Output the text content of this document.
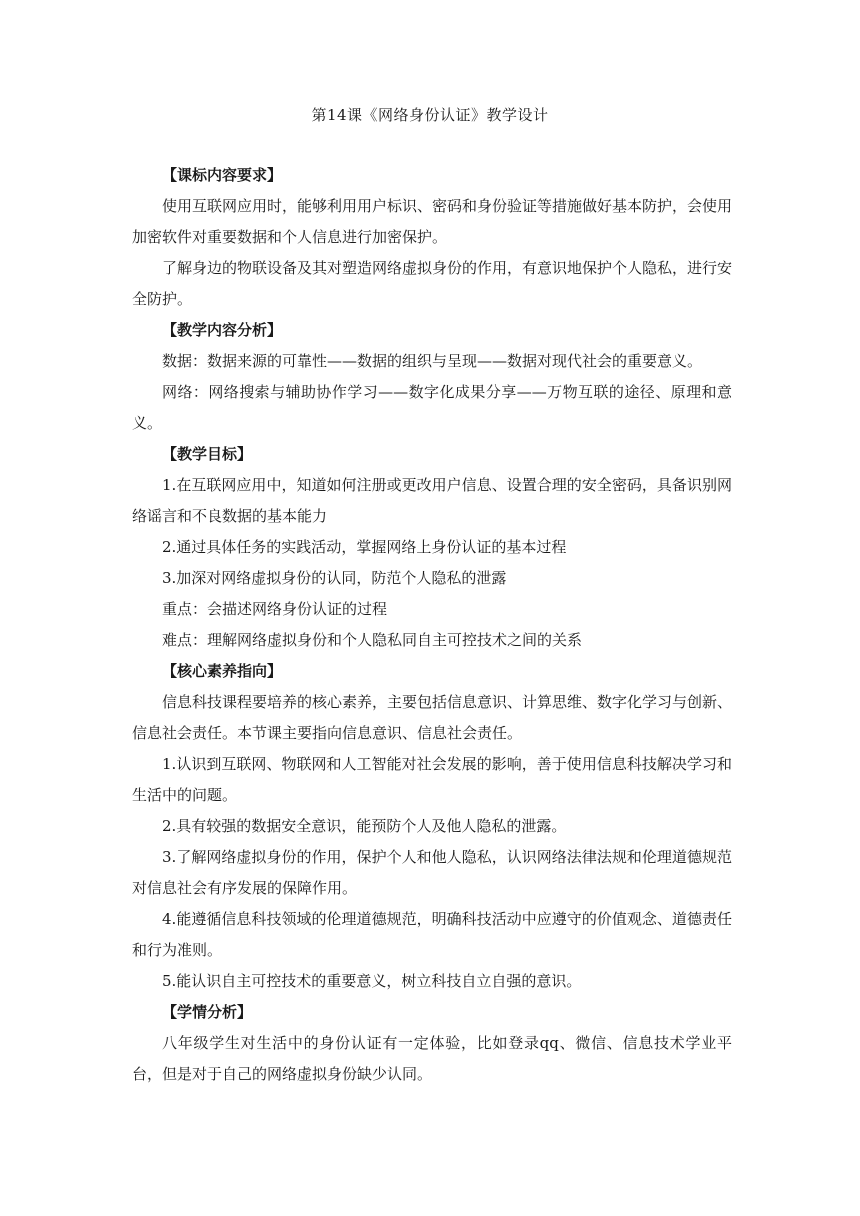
第14课《网络身份认证》教学设计

【课标内容要求】

使用互联网应用时，能够利用用户标识、密码和身份验证等措施做好基本防护，会使用加密软件对重要数据和个人信息进行加密保护。

了解身边的物联设备及其对塑造网络虚拟身份的作用，有意识地保护个人隐私，进行安全防护。

【教学内容分析】

数据：数据来源的可靠性——数据的组织与呈现——数据对现代社会的重要意义。

网络：网络搜索与辅助协作学习——数字化成果分享——万物互联的途径、原理和意义。

【教学目标】

1.在互联网应用中，知道如何注册或更改用户信息、设置合理的安全密码，具备识别网络谣言和不良数据的基本能力

2.通过具体任务的实践活动，掌握网络上身份认证的基本过程

3.加深对网络虚拟身份的认同，防范个人隐私的泄露

重点：会描述网络身份认证的过程

难点：理解网络虚拟身份和个人隐私同自主可控技术之间的关系

【核心素养指向】

信息科技课程要培养的核心素养，主要包括信息意识、计算思维、数字化学习与创新、信息社会责任。本节课主要指向信息意识、信息社会责任。

1.认识到互联网、物联网和人工智能对社会发展的影响，善于使用信息科技解决学习和生活中的问题。

2.具有较强的数据安全意识，能预防个人及他人隐私的泄露。

3.了解网络虚拟身份的作用，保护个人和他人隐私，认识网络法律法规和伦理道德规范对信息社会有序发展的保障作用。

4.能遵循信息科技领域的伦理道德规范，明确科技活动中应遵守的价值观念、道德责任和行为准则。

5.能认识自主可控技术的重要意义，树立科技自立自强的意识。

【学情分析】

八年级学生对生活中的身份认证有一定体验，比如登录qq、微信、信息技术学业平台，但是对于自己的网络虚拟身份缺少认同。
